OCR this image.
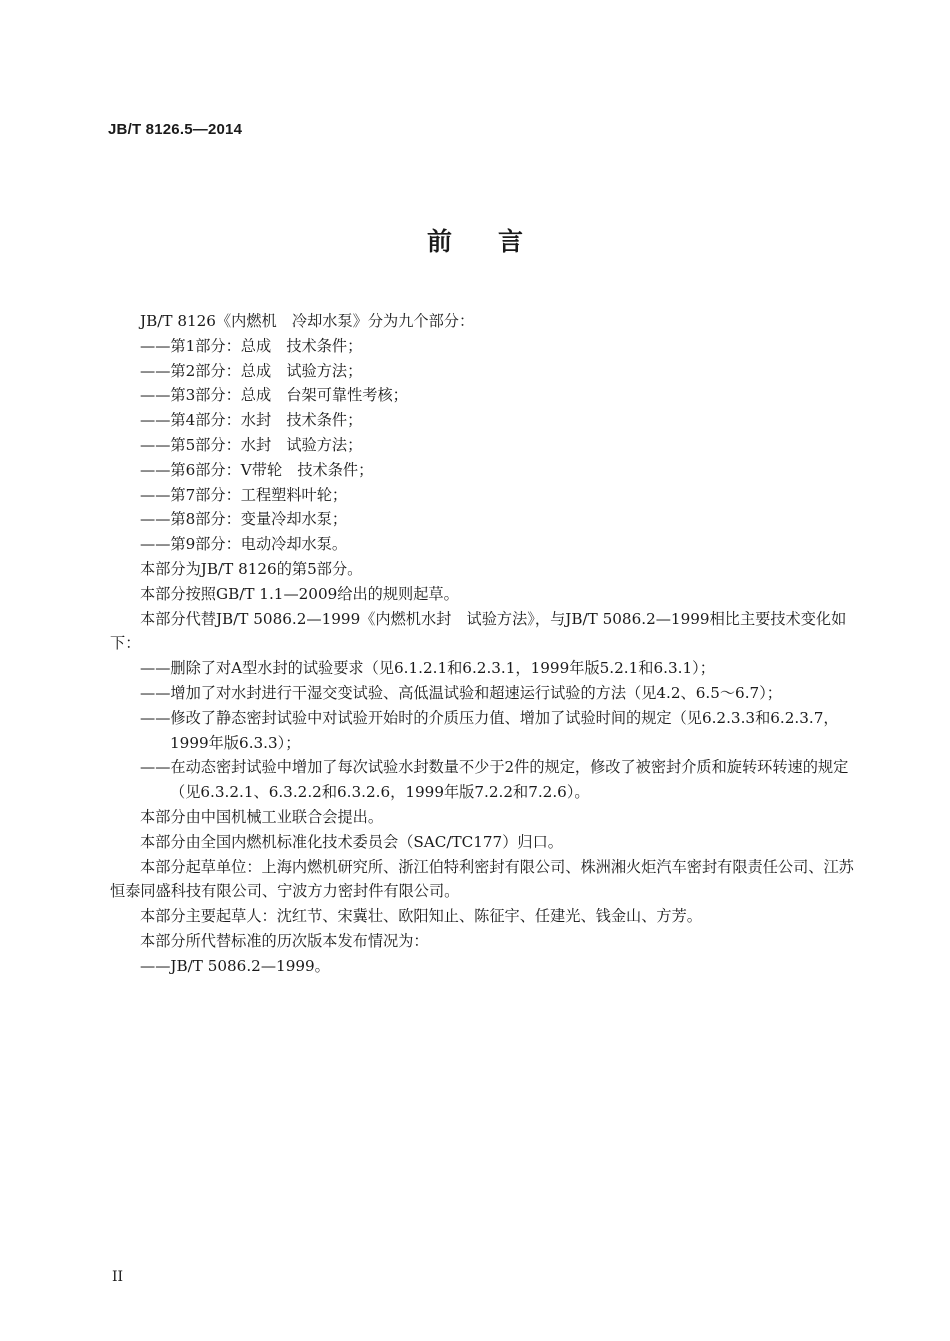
JB/T 8126.5—2014
前言

JB/T 8126《内燃机　冷却水泵》分为九个部分：

——第1部分：总成　技术条件；

——第2部分：总成　试验方法；

——第3部分：总成　台架可靠性考核；

——第4部分：水封　技术条件；

——第5部分：水封　试验方法；

——第6部分：V带轮　技术条件；

——第7部分：工程塑料叶轮；

——第8部分：变量冷却水泵；

——第9部分：电动冷却水泵。

本部分为JB/T 8126的第5部分。

本部分按照GB/T 1.1—2009给出的规则起草。

本部分代替JB/T 5086.2—1999《内燃机水封　试验方法》，与JB/T 5086.2—1999相比主要技术变化如下：

——删除了对A型水封的试验要求（见6.1.2.1和6.2.3.1，1999年版5.2.1和6.3.1）；

——增加了对水封进行干湿交变试验、高低温试验和超速运行试验的方法（见4.2、6.5～6.7）；

——修改了静态密封试验中对试验开始时的介质压力值、增加了试验时间的规定（见6.2.3.3和6.2.3.7，1999年版6.3.3）；

——在动态密封试验中增加了每次试验水封数量不少于2件的规定，修改了被密封介质和旋转环转速的规定（见6.3.2.1、6.3.2.2和6.3.2.6，1999年版7.2.2和7.2.6）。

本部分由中国机械工业联合会提出。

本部分由全国内燃机标准化技术委员会（SAC/TC177）归口。

本部分起草单位：上海内燃机研究所、浙江伯特利密封有限公司、株洲湘火炬汽车密封有限责任公司、江苏恒泰同盛科技有限公司、宁波方力密封件有限公司。

本部分主要起草人：沈红节、宋冀壮、欧阳知止、陈征宇、任建光、钱金山、方芳。

本部分所代替标准的历次版本发布情况为：

——JB/T 5086.2—1999。

II
